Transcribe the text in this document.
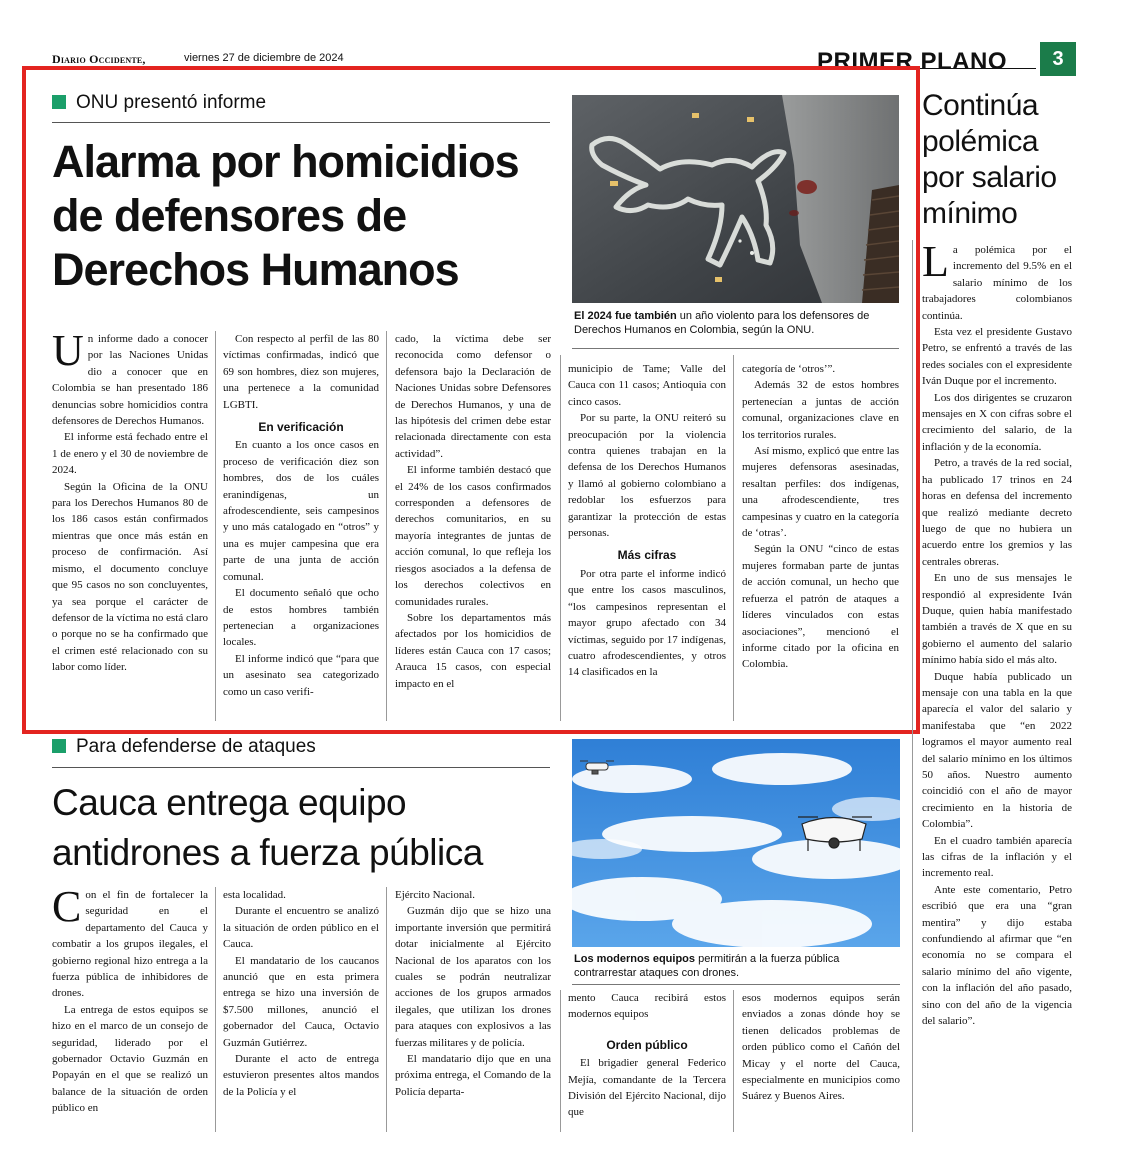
Diario Occidente,	viernes 27 de diciembre de 2024	PRIMER PLANO	3
ONU presentó informe
Alarma por homicidios de defensores de Derechos Humanos
El 2024 fue también un año violento para los defensores de Derechos Humanos en Colombia, según la ONU.
U n informe dado a conocer por las Naciones Unidas dio a conocer que en Colombia se han presentado 186 denuncias sobre homicidios contra defensores de Derechos Humanos.

El informe está fechado entre el 1 de enero y el 30 de noviembre de 2024.

Según la Oficina de la ONU para los Derechos Humanos 80 de los 186 casos están confirmados mientras que once más están en proceso de confirmación. Así mismo, el documento concluye que 95 casos no son concluyentes, ya sea porque el carácter de defensor de la víctima no está claro o porque no se ha confirmado que el crimen esté relacionado con su labor como líder.

Con respecto al perfil de las 80 víctimas confirmadas, indicó que 69 son hombres, diez son mujeres, una pertenece a la comunidad LGBTI.

En verificación

En cuanto a los once casos en proceso de verificación diez son hombres, dos de los cuáles eranindígenas, un afrodescendiente, seis campesinos y uno más catalogado en “otros” y una es mujer campesina que era parte de una junta de acción comunal.

El documento señaló que ocho de estos hombres también pertenecian a organizaciones locales.

El informe indicó que “para que un asesinato sea categorizado como un caso verifi-

cado, la víctima debe ser reconocida como defensor o defensora bajo la Declaración de Naciones Unidas sobre Defensores de Derechos Humanos, y una de las hipótesis del crimen debe estar relacionada directamente con esta actividad”.

El informe también destacó que el 24% de los casos confirmados corresponden a defensores de derechos comunitarios, en su mayoría integrantes de juntas de acción comunal, lo que refleja los riesgos asociados a la defensa de los derechos colectivos en comunidades rurales.

Sobre los departamentos más afectados por los homicidios de líderes están Cauca con 17 casos; Arauca 15 casos, con especial impacto en el

municipio de Tame; Valle del Cauca con 11 casos; Antioquia con cinco casos.

Por su parte, la ONU reiteró su preocupación por la violencia contra quienes trabajan en la defensa de los Derechos Humanos y llamó al gobierno colombiano a redoblar los esfuerzos para garantizar la protección de estas personas.

Más cifras

Por otra parte el informe indicó que entre los casos masculinos, “los campesinos representan el mayor grupo afectado con 34 víctimas, seguido por 17 indígenas, cuatro afrodescendientes, y otros 14 clasificados en la

categoría de ‘otros’”.

Además 32 de estos hombres pertenecían a juntas de acción comunal, organizaciones clave en los territorios rurales.

Así mismo, explicó que entre las mujeres defensoras asesinadas, resaltan perfiles: dos indígenas, una afrodescendiente, tres campesinas y cuatro en la categoría de ‘otras’.

Según la ONU “cinco de estas mujeres formaban parte de juntas de acción comunal, un hecho que refuerza el patrón de ataques a líderes vinculados con estas asociaciones”, mencionó el informe citado por la oficina en Colombia.

Continúa polémica por salario mínimo
L a polémica por el incremento del 9.5% en el salario mínimo de los trabajadores colombianos continúa.

Esta vez el presidente Gustavo Petro, se enfrentó a través de las redes sociales con el expresidente Iván Duque por el incremento.

Los dos dirigentes se cruzaron mensajes en X con cifras sobre el crecimiento del salario, de la inflación y de la economía.

Petro, a través de la red social, ha publicado 17 trinos en 24 horas en defensa del incremento que realizó mediante decreto luego de que no hubiera un acuerdo entre los gremios y las centrales obreras.

En uno de sus mensajes le respondió al expresidente Iván Duque, quien había manifestado también a través de X que en su gobierno el aumento del salario mínimo había sido el más alto.

Duque había publicado un mensaje con una tabla en la que aparecía el valor del salario y manifestaba que “en 2022 logramos el mayor aumento real del salario mínimo en los últimos 50 años. Nuestro aumento coincidió con el año de mayor crecimiento en la historia de Colombia”.

En el cuadro también aparecía las cifras de la inflación y el incremento real.

Ante este comentario, Petro escribió que era una “gran mentira” y dijo estaba confundiendo al afirmar que “en economía no se compara el salario mínimo del año vigente, con la inflación del año pasado, sino con del año de la vigencia del salario”.

Para defenderse de ataques
Cauca entrega equipo antidrones a fuerza pública
Los modernos equipos permitirán a la fuerza pública contrarrestar ataques con drones.
C on el fin de fortalecer la seguridad en el departamento del Cauca y combatir a los grupos ilegales, el gobierno regional hizo entrega a la fuerza pública de inhibidores de drones.

La entrega de estos equipos se hizo en el marco de un consejo de seguridad, liderado por el gobernador Octavio Guzmán en Popayán en el que se realizó un balance de la situación de orden público en

esta localidad.

Durante el encuentro se analizó la situación de orden público en el Cauca.

El mandatario de los caucanos anunció que en esta primera entrega se hizo una inversión de $7.500 millones, anunció el gobernador del Cauca, Octavio Guzmán Gutiérrez.

Durante el acto de entrega estuvieron presentes altos mandos de la Policía y el

Ejército Nacional.

Guzmán dijo que se hizo una importante inversión que permitirá dotar inicialmente al Ejército Nacional de los aparatos con los cuales se podrán neutralizar acciones de los grupos armados ilegales, que utilizan los drones para ataques con explosivos a las fuerzas militares y de policía.

El mandatario dijo que en una próxima entrega, el Comando de la Policía departa-

mento Cauca recibirá estos modernos equipos

Orden público

El brigadier general Federico Mejía, comandante de la Tercera División del Ejército Nacional, dijo que

esos modernos equipos serán enviados a zonas dónde hoy se tienen delicados problemas de orden público como el Cañón del Micay y el norte del Cauca, especialmente en municipios como Suárez y Buenos Aires.
